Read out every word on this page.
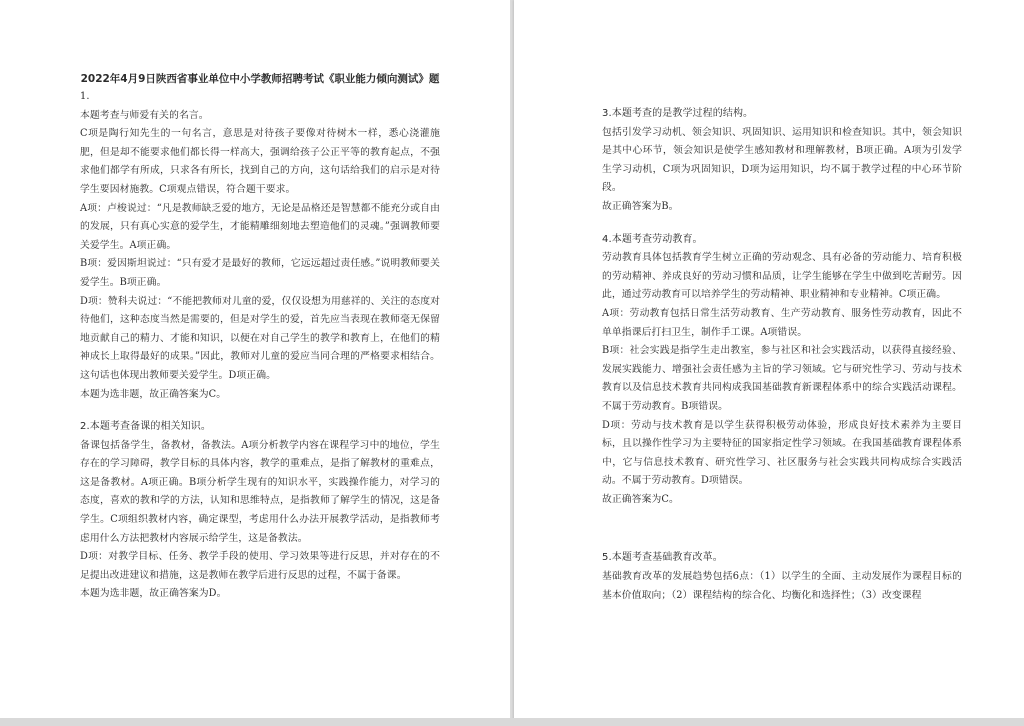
2022年4月9日陕西省事业单位中小学教师招聘考试《职业能力倾向测试》题

1.

本题考查与师爱有关的名言。

C项是陶行知先生的一句名言，意思是对待孩子要像对待树木一样，悉心浇灌施肥，但是却不能要求他们都长得一样高大，强调给孩子公正平等的教育起点，不强求他们都学有所成，只求各有所长，找到自己的方向，这句话给我们的启示是对待学生要因材施教。C项观点错误，符合题干要求。

A项：卢梭说过：“凡是教师缺乏爱的地方，无论是品格还是智慧都不能充分或自由的发展，只有真心实意的爱学生，才能精雕细刻地去塑造他们的灵魂。”强调教师要关爱学生。A项正确。

B项：爱因斯坦说过：“只有爱才是最好的教师，它远远超过责任感。”说明教师要关爱学生。B项正确。

D项：赞科夫说过：“不能把教师对儿童的爱，仅仅设想为用慈祥的、关注的态度对待他们，这种态度当然是需要的，但是对学生的爱，首先应当表现在教师毫无保留地贡献自己的精力、才能和知识，以便在对自己学生的教学和教育上，在他们的精神成长上取得最好的成果。”因此，教师对儿童的爱应当同合理的严格要求相结合。这句话也体现出教师要关爱学生。D项正确。

本题为选非题，故正确答案为C。

2.本题考查备课的相关知识。

备课包括备学生，备教材，备教法。A项分析教学内容在课程学习中的地位，学生存在的学习障碍，教学目标的具体内容，教学的重难点，是指了解教材的重难点，这是备教材。A项正确。B项分析学生现有的知识水平，实践操作能力，对学习的态度，喜欢的教和学的方法，认知和思维特点，是指教师了解学生的情况，这是备学生。C项组织教材内容，确定课型，考虑用什么办法开展教学活动，是指教师考虑用什么方法把教材内容展示给学生，这是备教法。

D项：对教学目标、任务、教学手段的使用、学习效果等进行反思，并对存在的不足提出改进建议和措施，这是教师在教学后进行反思的过程，不属于备课。

本题为选非题，故正确答案为D。

3.本题考查的是教学过程的结构。

包括引发学习动机、领会知识、巩固知识、运用知识和检查知识。其中，领会知识是其中心环节，领会知识是使学生感知教材和理解教材，B项正确。A项为引发学生学习动机，C项为巩固知识，D项为运用知识，均不属于教学过程的中心环节阶段。

故正确答案为B。

4.本题考查劳动教育。

劳动教育具体包括教育学生树立正确的劳动观念、具有必备的劳动能力、培育积极的劳动精神、养成良好的劳动习惯和品质，让学生能够在学生中做到吃苦耐劳。因此，通过劳动教育可以培养学生的劳动精神、职业精神和专业精神。C项正确。

A项：劳动教育包括日常生活劳动教育、生产劳动教育、服务性劳动教育，因此不单单指课后打扫卫生，制作手工课。A项错误。

B项：社会实践是指学生走出教室，参与社区和社会实践活动，以获得直接经验、发展实践能力、增强社会责任感为主旨的学习领域。它与研究性学习、劳动与技术教育以及信息技术教育共同构成我国基础教育新课程体系中的综合实践活动课程。不属于劳动教育。B项错误。

D项：劳动与技术教育是以学生获得积极劳动体验，形成良好技术素养为主要目标，且以操作性学习为主要特征的国家指定性学习领域。在我国基础教育课程体系中，它与信息技术教育、研究性学习、社区服务与社会实践共同构成综合实践活动。不属于劳动教育。D项错误。

故正确答案为C。

5.本题考查基础教育改革。

基础教育改革的发展趋势包括6点：（1）以学生的全面、主动发展作为课程目标的基本价值取向；（2）课程结构的综合化、均衡化和选择性；（3）改变课程
